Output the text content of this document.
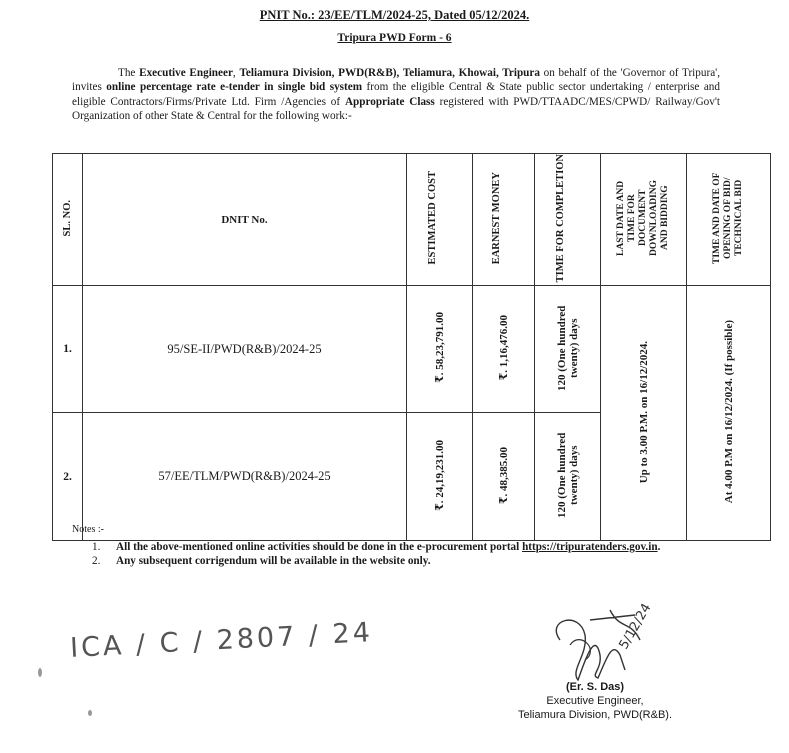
PNIT No.: 23/EE/TLM/2024-25, Dated 05/12/2024.
Tripura PWD Form - 6
The Executive Engineer, Teliamura Division, PWD(R&B), Teliamura, Khowai, Tripura on behalf of the 'Governor of Tripura', invites online percentage rate e-tender in single bid system from the eligible Central & State public sector undertaking / enterprise and eligible Contractors/Firms/Private Ltd. Firm /Agencies of Appropriate Class registered with PWD/TTAADC/MES/CPWD/ Railway/Gov't Organization of other State & Central for the following work:-
SL. NO.	DNIT No.	ESTIMATED COST	EARNEST MONEY	TIME FOR COMPLETION	LAST DATE AND TIME FOR DOCUMENT DOWNLOADING AND BIDDING	TIME AND DATE OF OPENING OF BID/ TECHNICAL BID
1.	95/SE-II/PWD(R&B)/2024-25	₹. 58,23,791.00	₹. 1,16,476.00	120 (One hundred twenty) days	Up to 3.00 P.M. on 16/12/2024.	At 4.00 P.M on 16/12/2024. (If possible)
2.	57/EE/TLM/PWD(R&B)/2024-25	₹. 24,19,231.00	₹. 48,385.00	120 (One hundred twenty) days		
Notes :-
1.	All the above-mentioned online activities should be done in the e-procurement portal https://tripuratenders.gov.in.
2.	Any subsequent corrigendum will be available in the website only.
ICA / C / 2807 / 24	5/12/24
(Er. S. Das)
Executive Engineer,
Teliamura Division, PWD(R&B).
